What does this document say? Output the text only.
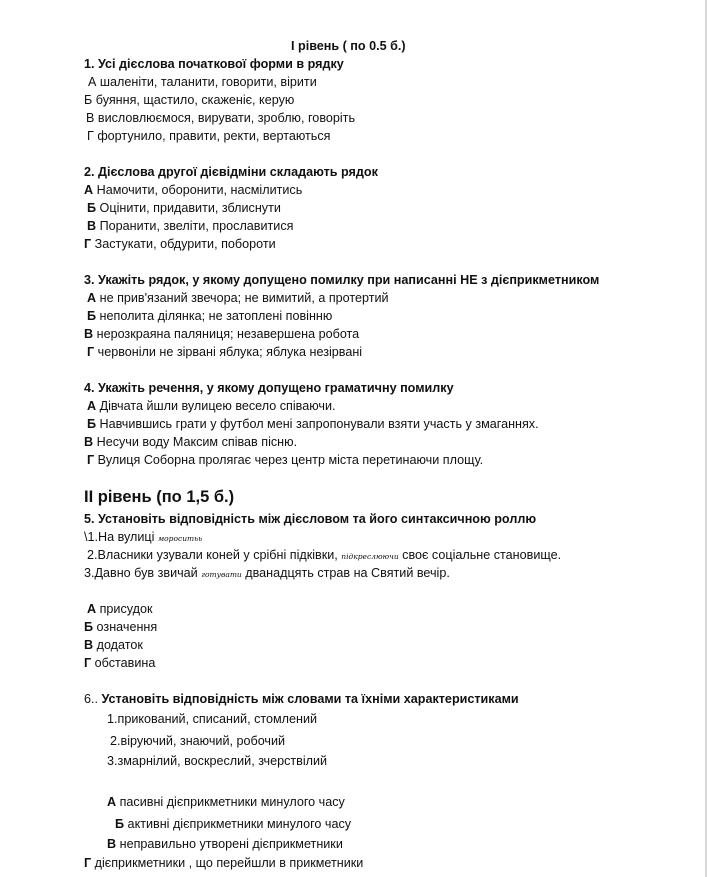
І рівень ( по 0.5 б.)
1. Усі дієслова початкової форми в рядку
А шаленіти, таланити, говорити, вірити
Б буяння, щастило, скаженіє, керую
В висловлюємося, вирувати, зроблю, говоріть
Г фортунило, правити, ректи, вертаються
2. Дієслова другої дієвідміни складають рядок
А Намочити, оборонити, насмілитись
Б Оцінити, придавити, зблиснути
В Поранити, звеліти, прославитися
Г Застукати, обдурити, побороти
3. Укажіть рядок, у якому допущено помилку при написанні НЕ з дієприкметником
А не прив'язаний звечора; не вимитий, а протертий
Б неполита ділянка; не затоплені повінню
В нерозкраяна паляниця; незавершена робота
Г червоніли не зірвані яблука; яблука незірвані
4. Укажіть речення, у якому допущено граматичну помилку
А Дівчата йшли вулицею весело співаючи.
Б Навчившись грати у футбол мені запропонували взяти участь у змаганнях.
В Несучи воду Максим співав пісню.
Г Вулиця Соборна пролягає через центр міста перетинаючи площу.
ІІ рівень (по 1,5 б.)
5. Установіть відповідність між дієсловом та його синтаксичною роллю
\1.На вулиці мороситьь
2.Власники узували коней у срібні підківки, підкреслюючи своє соціальне становище.
3.Давно був звичай готувати дванадцять страв на Святий вечір.
А присудок
Б означення
В додаток
Г обставина
6.. Установіть відповідність між словами та їхніми характеристиками
1.прикований, списаний, стомлений
2.віруючий, знаючий, робочий
3.змарнілий, воскреслий, зчерствілий
А пасивні дієприкметники минулого часу
Б активні дієприкметники минулого часу
В неправильно утворені дієприкметники
Г дієприкметники , що перейшли в прикметники
